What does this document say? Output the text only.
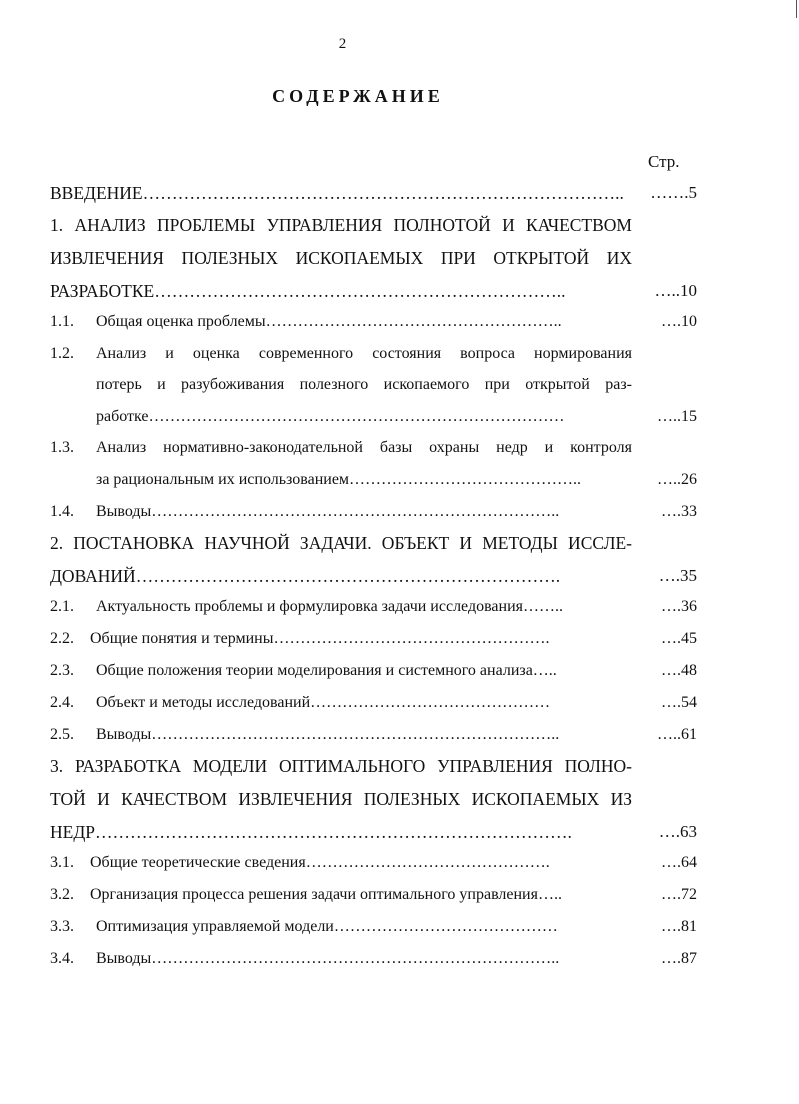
2
СОДЕРЖАНИЕ
Стр.
ВВЕДЕНИЕ……………………………………………………………………….. …….5
1. АНАЛИЗ ПРОБЛЕМЫ УПРАВЛЕНИЯ ПОЛНОТОЙ И КАЧЕСТВОМ
ИЗВЛЕЧЕНИЯ ПОЛЕЗНЫХ ИСКОПАЕМЫХ ПРИ ОТКРЫТОЙ ИХ
РАЗРАБОТКЕ……………………………………………………………..	…..10
1.1. Общая оценка проблемы………………………………………………..	….10
1.2. Анализ и оценка современного состояния вопроса нормирования
потерь и разубоживания полезного ископаемого при открытой раз-
работке……………………………………………………………………	…..15
1.3. Анализ нормативно-законодательной базы охраны недр и контроля
за рациональным их использованием……………………………………..	…..26
1.4. Выводы…………………………………………………………………..	….33
2. ПОСТАНОВКА НАУЧНОЙ ЗАДАЧИ. ОБЪЕКТ И МЕТОДЫ ИССЛЕ-
ДОВАНИЙ……………………………………………………………….	….35
2.1. Актуальность проблемы и формулировка задачи исследования……..	….36
2.2. Общие понятия и термины…………………………………………….	….45
2.3. Общие положения теории моделирования и системного анализа…..	….48
2.4. Объект и методы исследований………………………………………	….54
2.5. Выводы…………………………………………………………………..	…..61
3. РАЗРАБОТКА МОДЕЛИ ОПТИМАЛЬНОГО УПРАВЛЕНИЯ ПОЛНО-
ТОЙ И КАЧЕСТВОМ ИЗВЛЕЧЕНИЯ ПОЛЕЗНЫХ ИСКОПАЕМЫХ ИЗ
НЕДР……………………………………………………………………….	….63
3.1. Общие теоретические сведения……………………………………….	….64
3.2. Организация процесса решения задачи оптимального управления…..	….72
3.3. Оптимизация управляемой модели……………………………………	….81
3.4. Выводы…………………………………………………………………..	….87
